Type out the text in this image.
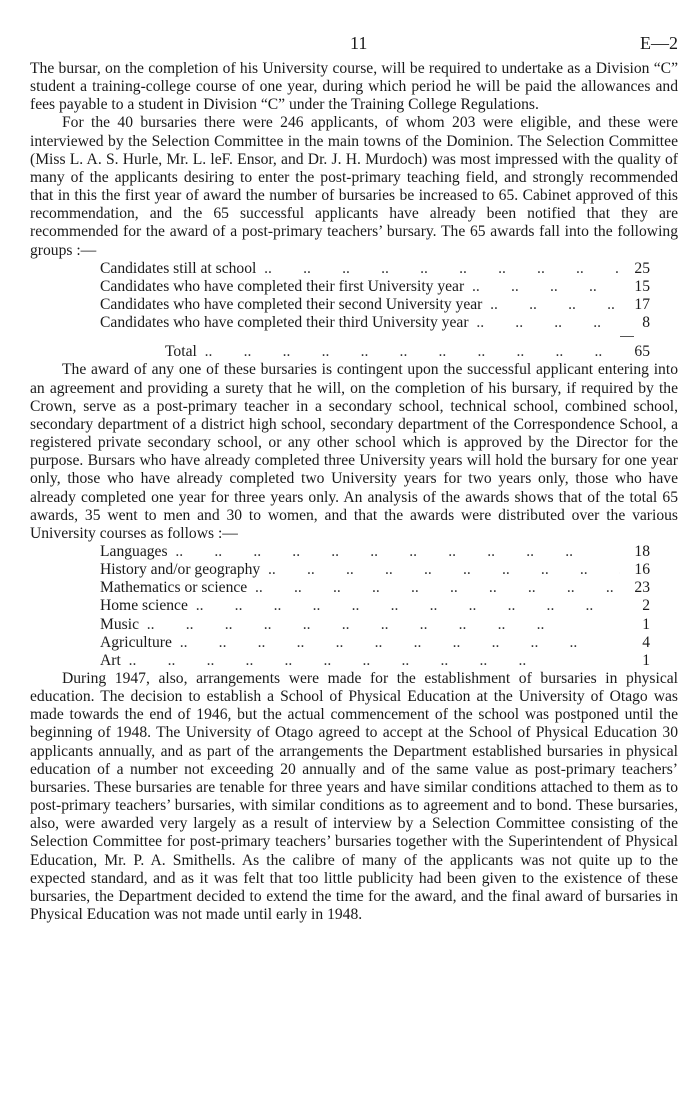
11	E—2

The bursar, on the completion of his University course, will be required to undertake as a Division “C” student a training-college course of one year, during which period he will be paid the allowances and fees payable to a student in Division “C” under the Training College Regulations.

For the 40 bursaries there were 246 applicants, of whom 203 were eligible, and these were interviewed by the Selection Committee in the main towns of the Dominion. The Selection Committee (Miss L. A. S. Hurle, Mr. L. leF. Ensor, and Dr. J. H. Murdoch) was most impressed with the quality of many of the applicants desiring to enter the post-primary teaching field, and strongly recommended that in this the first year of award the number of bursaries be increased to 65. Cabinet approved of this recommendation, and the 65 successful applicants have already been notified that they are recommended for the award of a post-primary teachers’ bursary. The 65 awards fall into the following groups :—

Candidates still at school ..	25
Candidates who have completed their first University year ..	15
Candidates who have completed their second University year ..	17
Candidates who have completed their third University year ..	8
Total ..	65

The award of any one of these bursaries is contingent upon the successful applicant entering into an agreement and providing a surety that he will, on the completion of his bursary, if required by the Crown, serve as a post-primary teacher in a secondary school, technical school, combined school, secondary department of a district high school, secondary department of the Correspondence School, a registered private secondary school, or any other school which is approved by the Director for the purpose. Bursars who have already completed three University years will hold the bursary for one year only, those who have already completed two University years for two years only, those who have already completed one year for three years only. An analysis of the awards shows that of the total 65 awards, 35 went to men and 30 to women, and that the awards were distributed over the various University courses as follows :—

Languages ..	18
History and/or geography ..	16
Mathematics or science ..	23
Home science ..	2
Music ..	1
Agriculture ..	4
Art ..	1

During 1947, also, arrangements were made for the establishment of bursaries in physical education. The decision to establish a School of Physical Education at the University of Otago was made towards the end of 1946, but the actual commencement of the school was postponed until the beginning of 1948. The University of Otago agreed to accept at the School of Physical Education 30 applicants annually, and as part of the arrangements the Department established bursaries in physical education of a number not exceeding 20 annually and of the same value as post-primary teachers’ bursaries. These bursaries are tenable for three years and have similar conditions attached to them as to post-primary teachers’ bursaries, with similar conditions as to agreement and to bond. These bursaries, also, were awarded very largely as a result of interview by a Selection Committee consisting of the Selection Committee for post-primary teachers’ bursaries together with the Superintendent of Physical Education, Mr. P. A. Smithells. As the calibre of many of the applicants was not quite up to the expected standard, and as it was felt that too little publicity had been given to the existence of these bursaries, the Department decided to extend the time for the award, and the final award of bursaries in Physical Education was not made until early in 1948.
